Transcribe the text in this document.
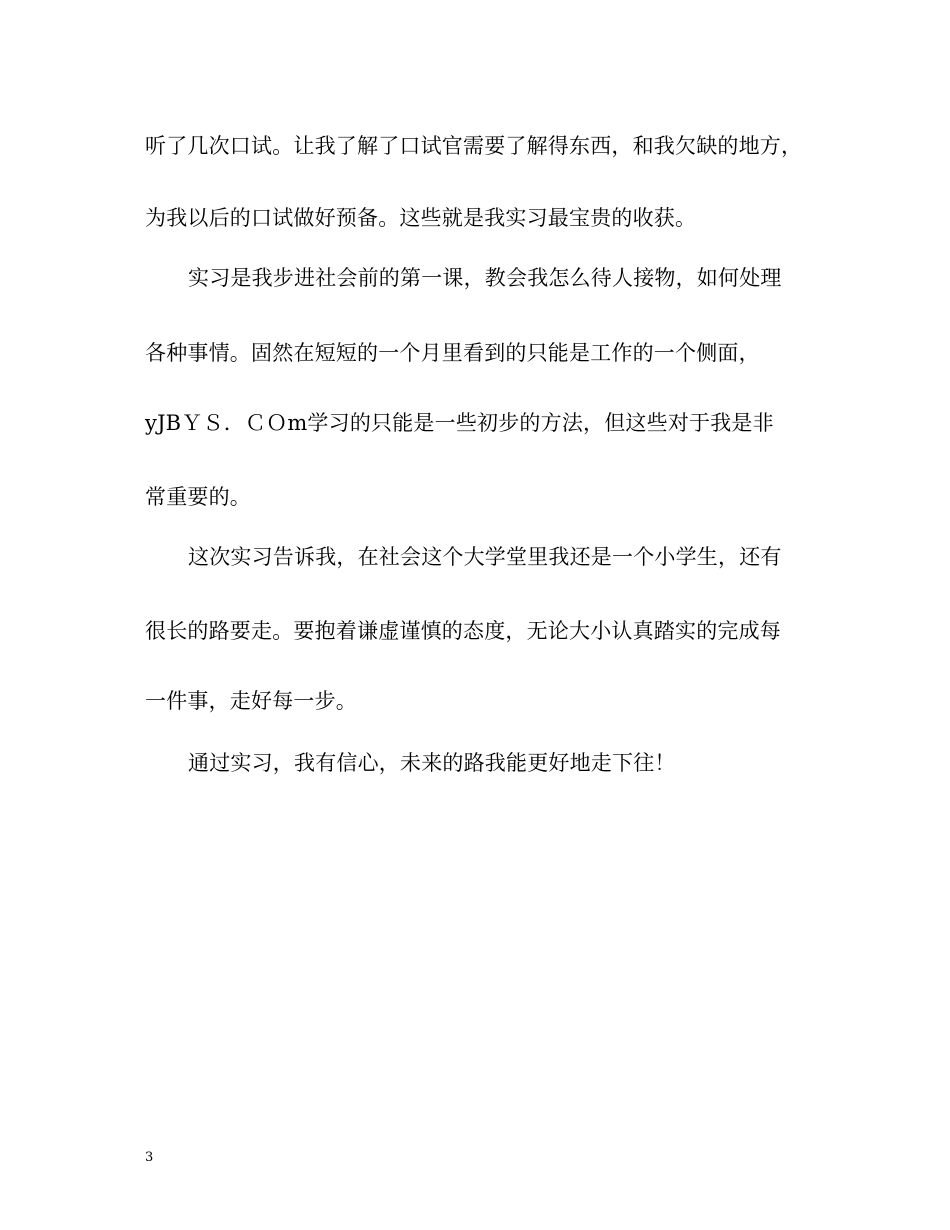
听了几次口试。让我了解了口试官需要了解得东西，和我欠缺的地方，
为我以后的口试做好预备。这些就是我实习最宝贵的收获。
实习是我步进社会前的第一课，教会我怎么待人接物，如何处理
各种事情。固然在短短的一个月里看到的只能是工作的一个侧面，
yJBＹＳ．ＣＯm学习的只能是一些初步的方法，但这些对于我是非
常重要的。
这次实习告诉我，在社会这个大学堂里我还是一个小学生，还有
很长的路要走。要抱着谦虚谨慎的态度，无论大小认真踏实的完成每
一件事，走好每一步。
通过实习，我有信心，未来的路我能更好地走下往！
3
